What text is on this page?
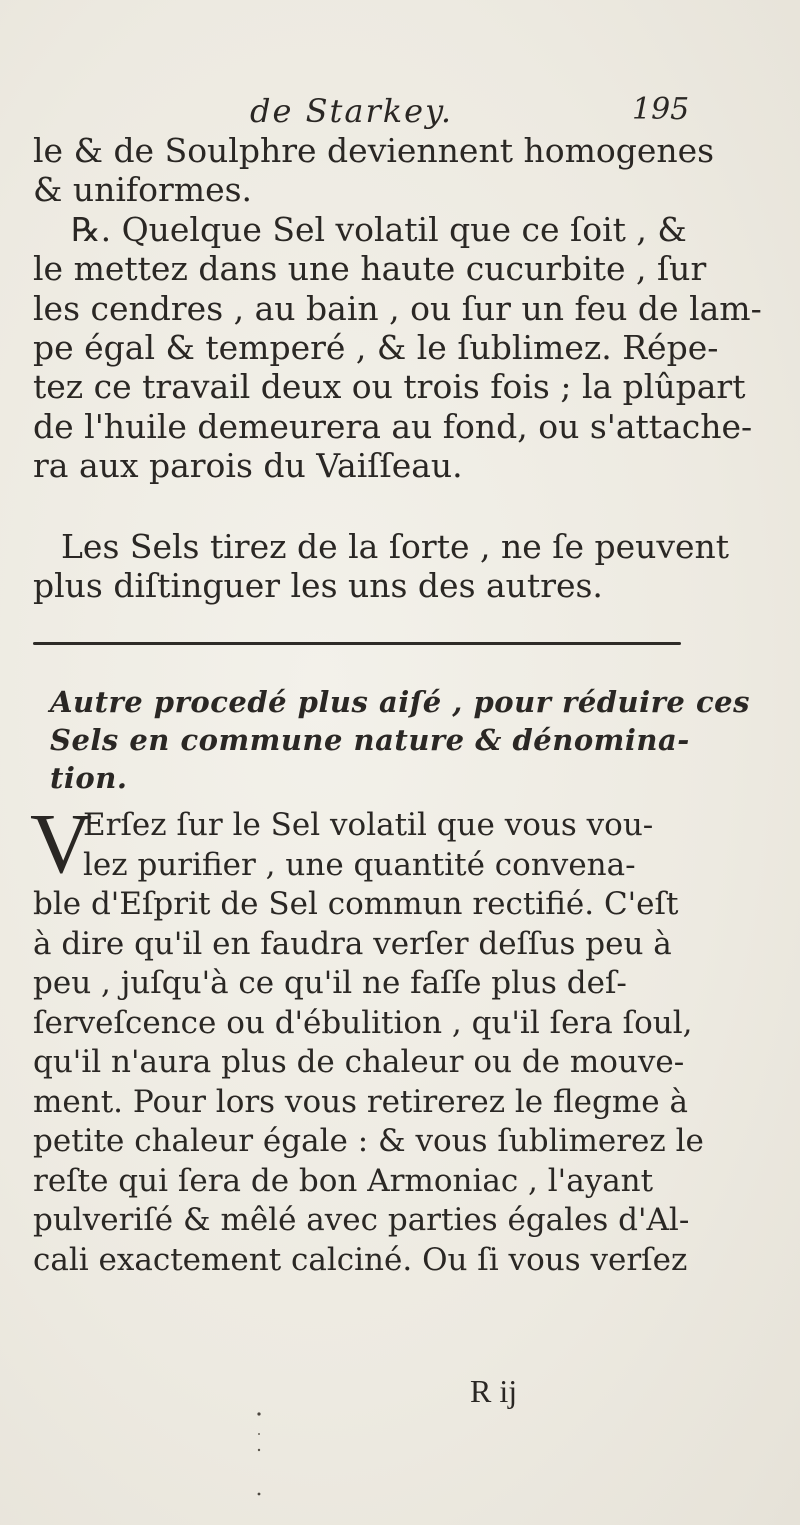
de Starkey.	195
le & de Soulphre deviennent homogenes
& uniformes.
℞. Quelque Sel volatil que ce ſoit , &
le mettez dans une haute cucurbite , ſur
les cendres , au bain , ou ſur un feu de lam-
pe égal & temperé , & le ſublimez. Répe-
tez ce travail deux ou trois fois ; la plûpart
de l'huile demeurera au fond, ou s'attache-
ra aux parois du Vaiſſeau.
Les Sels tirez de la ſorte , ne ſe peuvent
plus diſtinguer les uns des autres.
Autre procedé plus aiſé , pour réduire ces
Sels en commune nature & dénomina-
tion.
V
Erſez ſur le Sel volatil que vous vou-
lez purifier , une quantité convena-
ble d'Eſprit de Sel commun rectifié. C'eſt
à dire qu'il en faudra verſer deſſus peu à
peu , juſqu'à ce qu'il ne faſſe plus deſ-
ſerveſcence ou d'ébulition , qu'il ſera ſoul,
qu'il n'aura plus de chaleur ou de mouve-
ment. Pour lors vous retirerez le flegme à
petite chaleur égale : & vous ſublimerez le
reſte qui ſera de bon Armoniac , l'ayant
pulveriſé & mêlé avec parties égales d'Al-
cali exactement calciné. Ou ſi vous verſez
R ij
